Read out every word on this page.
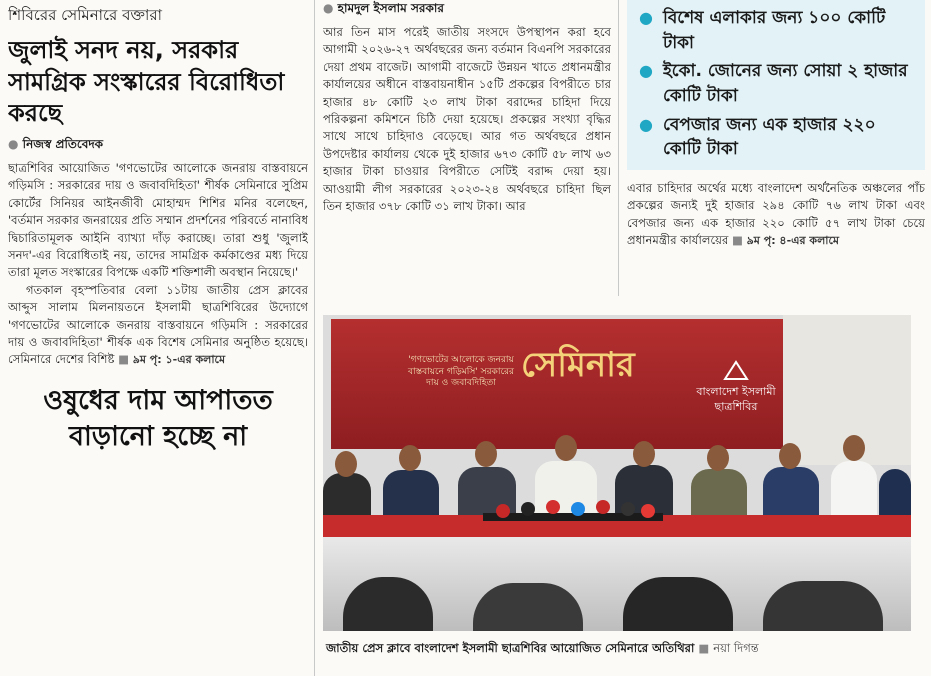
শিবিরের সেমিনারে বক্তারা
জুলাই সনদ নয়, সরকার সামগ্রিক সংস্কারের বিরোধিতা করছে
● নিজস্ব প্রতিবেদক

ছাত্রশিবির আয়োজিত 'গণভোটের আলোকে জনরায় বাস্তবায়নে গড়িমসি : সরকারের দায় ও জবাবদিহিতা' শীর্ষক সেমিনারে সুপ্রিম কোর্টের সিনিয়র আইনজীবী মোহাম্মদ শিশির মনির বলেছেন, 'বর্তমান সরকার জনরায়ের প্রতি সম্মান প্রদর্শনের পরিবর্তে নানাবিধ দ্বিচারিতামূলক আইনি ব্যাখ্যা দাঁড় করাচ্ছে। তারা শুধু 'জুলাই সনদ'-এর বিরোধিতাই নয়, তাদের সামগ্রিক কর্মকাণ্ডের মধ্য দিয়ে তারা মূলত সংস্কারের বিপক্ষে একটি শক্তিশালী অবস্থান নিয়েছে।'

গতকাল বৃহস্পতিবার বেলা ১১টায় জাতীয় প্রেস ক্লাবের আব্দুস সালাম মিলনায়তনে ইসলামী ছাত্রশিবিরের উদ্যোগে 'গণভোটের আলোকে জনরায় বাস্তবায়নে গড়িমসি : সরকারের দায় ও জবাবদিহিতা' শীর্ষক এক বিশেষ সেমিনার অনুষ্ঠিত হয়েছে। সেমিনারে দেশের বিশিষ্ট ■ ৯ম পৃ: ১-এর কলামে

ওষুধের দাম আপাতত বাড়ানো হচ্ছে না
● হামদুল ইসলাম সরকার

আর তিন মাস পরেই জাতীয় সংসদে উপস্থাপন করা হবে আগামী ২০২৬-২৭ অর্থবছরের জন্য বর্তমান বিএনপি সরকারের দেয়া প্রথম বাজেট। আগামী বাজেটে উন্নয়ন খাতে প্রধানমন্ত্রীর কার্যালয়ের অধীনে বাস্তবায়নাধীন ১৫টি প্রকল্পের বিপরীতে চার হাজার ৪৮ কোটি ২৩ লাখ টাকা বরাদ্দের চাহিদা দিয়ে পরিকল্পনা কমিশনে চিঠি দেয়া হয়েছে। প্রকল্পের সংখ্যা বৃদ্ধির সাথে সাথে চাহিদাও বেড়েছে। আর গত অর্থবছরে প্রধান উপদেষ্টার কার্যালয় থেকে দুই হাজার ৬৭৩ কোটি ৫৮ লাখ ৬৩ হাজার টাকা চাওয়ার বিপরীতে সেটিই বরাদ্দ দেয়া হয়। আওয়ামী লীগ সরকারের ২০২৩-২৪ অর্থবছরে চাহিদা ছিল তিন হাজার ৩৭৮ কোটি ৩১ লাখ টাকা। আর

● বিশেষ এলাকার জন্য ১০০ কোটি টাকা
● ইকো. জোনের জন্য সোয়া ২ হাজার কোটি টাকা
● বেপজার জন্য এক হাজার ২২০ কোটি টাকা

এবার চাহিদার অর্থের মধ্যে বাংলাদেশ অর্থনৈতিক অঞ্চলের পাঁচ প্রকল্পের জন্যই দুই হাজার ২৯৪ কোটি ৭৬ লাখ টাকা এবং বেপজার জন্য এক হাজার ২২০ কোটি ৫৭ লাখ টাকা চেয়ে প্রধানমন্ত্রীর কার্যালয়ের ■ ৯ম পৃ: ৪-এর কলামে

'গণভোটের আলোকে জনরায় বাস্তবায়নে গড়িমসি' সরকারের দায় ও জবাবদিহিতা সেমিনার
বাংলাদেশ ইসলামী ছাত্রশিবির
জাতীয় প্রেস ক্লাবে বাংলাদেশ ইসলামী ছাত্রশিবির আয়োজিত সেমিনারে অতিথিরা ■ নয়া দিগন্ত
